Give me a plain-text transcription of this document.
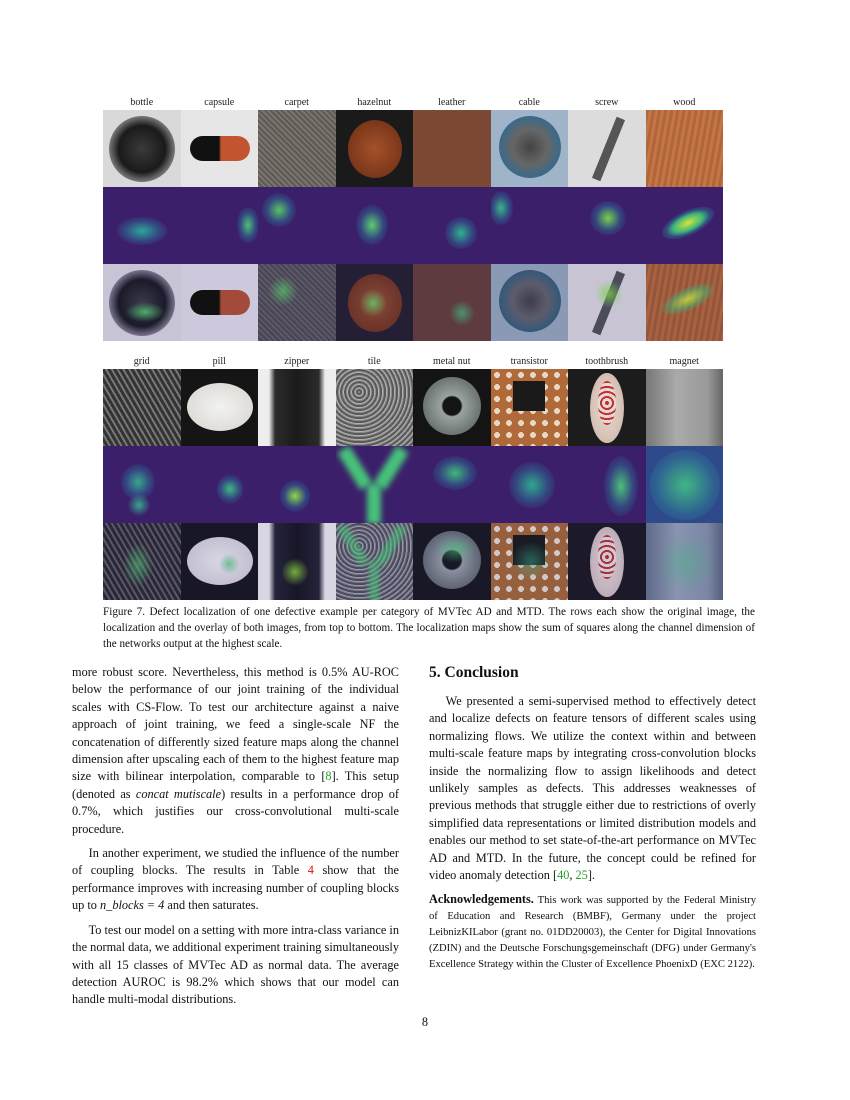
bottle	capsule	carpet	hazelnut	leather	cable	screw	wood
grid	pill	zipper	tile	metal nut	transistor	toothbrush	magnet
Figure 7. Defect localization of one defective example per category of MVTec AD and MTD. The rows each show the original image, the localization and the overlay of both images, from top to bottom. The localization maps show the sum of squares along the channel dimension of the networks output at the highest scale.

more robust score. Nevertheless, this method is 0.5% AU-ROC below the performance of our joint training of the individual scales with CS-Flow. To test our architecture against a naive approach of joint training, we feed a single-scale NF the concatenation of differently sized feature maps along the channel dimension after upscaling each of them to the highest feature map size with bilinear interpolation, comparable to [8]. This setup (denoted as concat mutiscale) results in a performance drop of 0.7%, which justifies our cross-convolutional multi-scale procedure.

In another experiment, we studied the influence of the number of coupling blocks. The results in Table 4 show that the performance improves with increasing number of coupling blocks up to n_blocks = 4 and then saturates.

To test our model on a setting with more intra-class variance in the normal data, we additional experiment training simultaneously with all 15 classes of MVTec AD as normal data. The average detection AUROC is 98.2% which shows that our model can handle multi-modal distributions.

5. Conclusion

We presented a semi-supervised method to effectively detect and localize defects on feature tensors of different scales using normalizing flows. We utilize the context within and between multi-scale feature maps by integrating cross-convolution blocks inside the normalizing flow to assign likelihoods and detect unlikely samples as defects. This addresses weaknesses of previous methods that struggle either due to restrictions of overly simplified data representations or limited distribution models and enables our method to set state-of-the-art performance on MVTec AD and MTD. In the future, the concept could be refined for video anomaly detection [40, 25].

Acknowledgements. This work was supported by the Federal Ministry of Education and Research (BMBF), Germany under the project LeibnizKILabor (grant no. 01DD20003), the Center for Digital Innovations (ZDIN) and the Deutsche Forschungsgemeinschaft (DFG) under Germany's Excellence Strategy within the Cluster of Excellence PhoenixD (EXC 2122).

8
